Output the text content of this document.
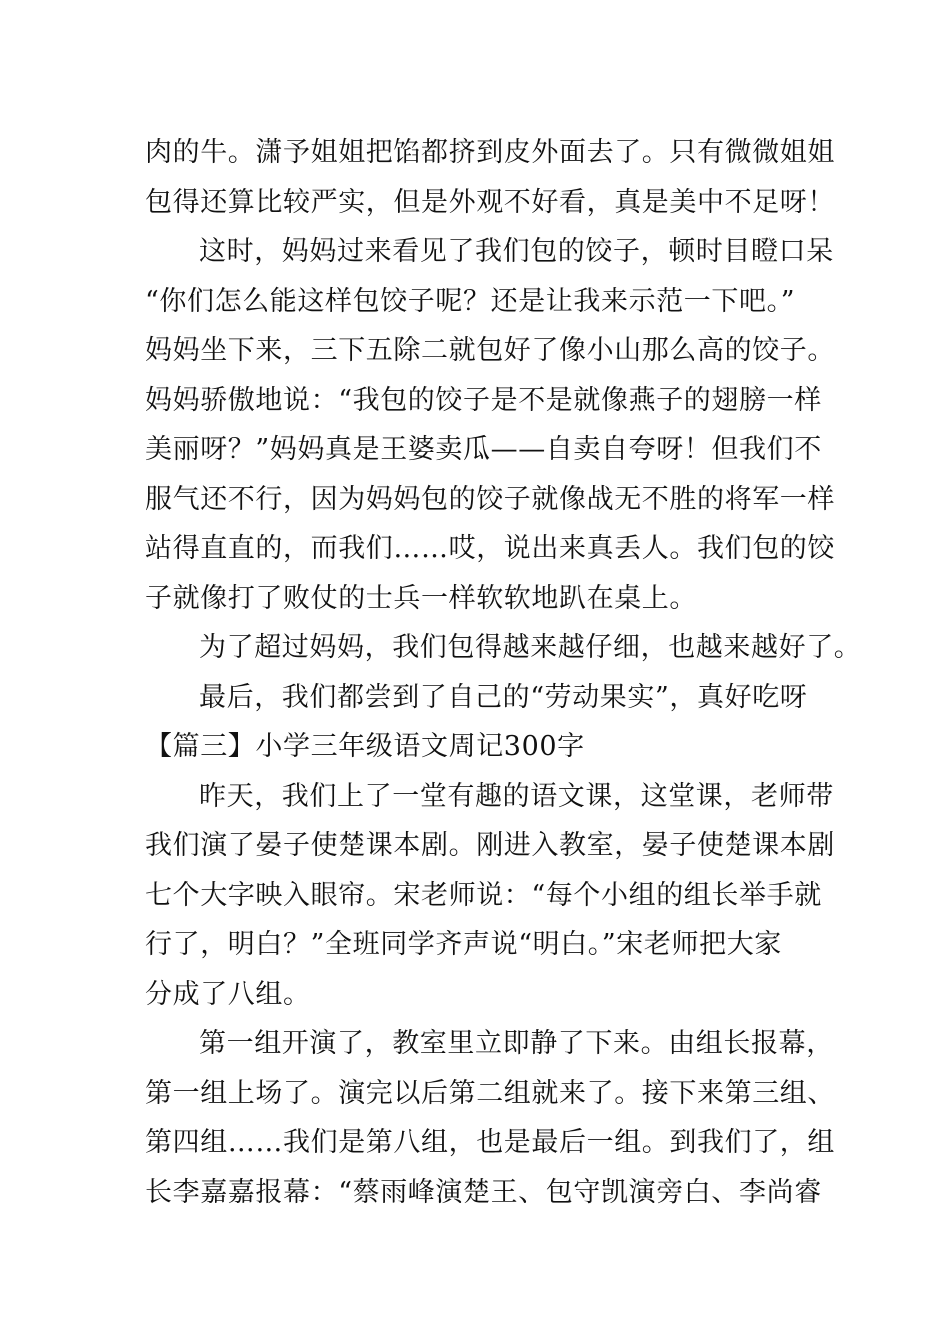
肉的牛。潇予姐姐把馅都挤到皮外面去了。只有微微姐姐
包得还算比较严实，但是外观不好看，真是美中不足呀！
这时，妈妈过来看见了我们包的饺子，顿时目瞪口呆
“你们怎么能这样包饺子呢？还是让我来示范一下吧。”
妈妈坐下来，三下五除二就包好了像小山那么高的饺子。
妈妈骄傲地说：“我包的饺子是不是就像燕子的翅膀一样
美丽呀？”妈妈真是王婆卖瓜——自卖自夸呀！但我们不
服气还不行，因为妈妈包的饺子就像战无不胜的将军一样
站得直直的，而我们……哎，说出来真丢人。我们包的饺
子就像打了败仗的士兵一样软软地趴在桌上。
为了超过妈妈，我们包得越来越仔细，也越来越好了。
最后，我们都尝到了自己的“劳动果实”，真好吃呀
【篇三】小学三年级语文周记300字
昨天，我们上了一堂有趣的语文课，这堂课，老师带
我们演了晏子使楚课本剧。刚进入教室，晏子使楚课本剧
七个大字映入眼帘。宋老师说：“每个小组的组长举手就
行了，明白？”全班同学齐声说“明白。”宋老师把大家
分成了八组。
第一组开演了，教室里立即静了下来。由组长报幕，
第一组上场了。演完以后第二组就来了。接下来第三组、
第四组……我们是第八组，也是最后一组。到我们了，组
长李嘉嘉报幕：“蔡雨峰演楚王、包守凯演旁白、李尚睿
